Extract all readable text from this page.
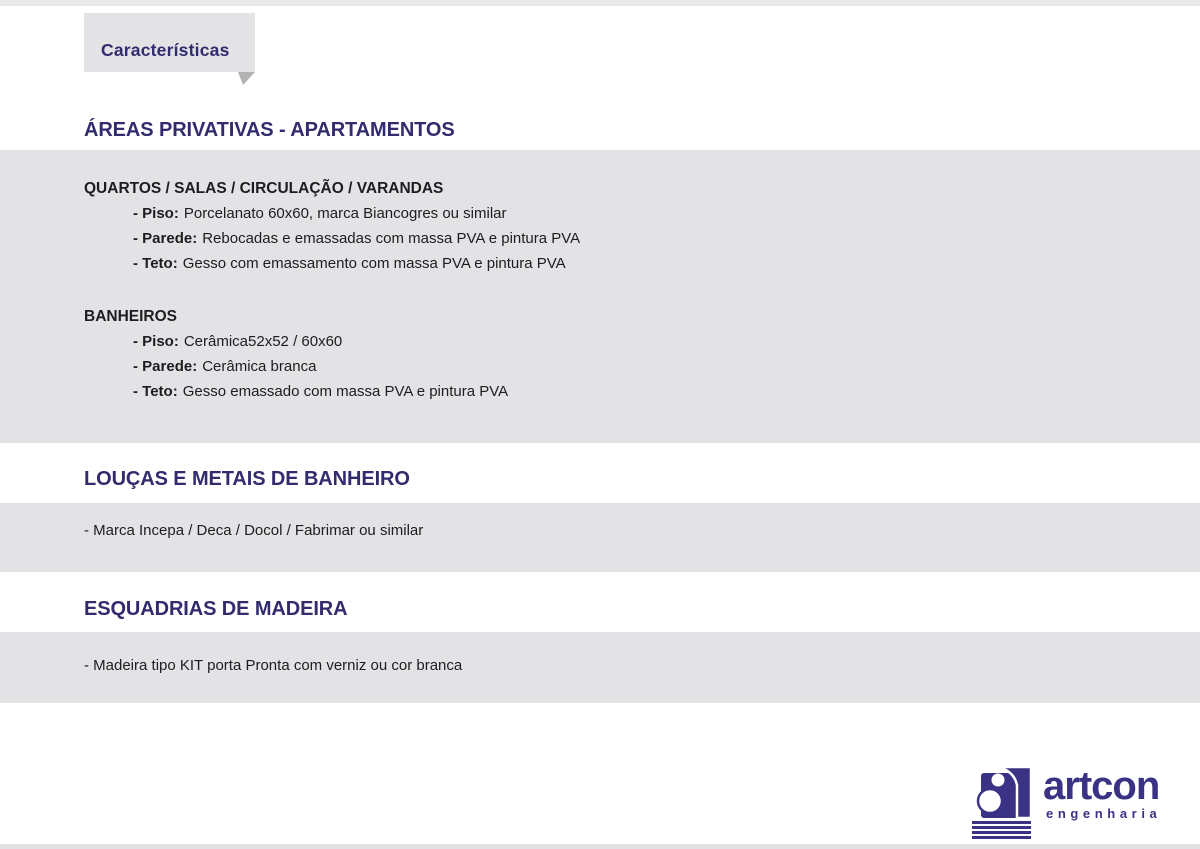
Características
ÁREAS PRIVATIVAS - APARTAMENTOS
QUARTOS / SALAS / CIRCULAÇÃO / VARANDAS
- Piso: Porcelanato 60x60, marca Biancogres ou similar
- Parede: Rebocadas e emassadas com massa PVA e pintura PVA
- Teto: Gesso com emassamento com massa PVA e pintura PVA
BANHEIROS
- Piso: Cerâmica52x52 / 60x60
- Parede: Cerâmica branca
- Teto: Gesso emassado com massa PVA e pintura PVA
LOUÇAS E METAIS DE BANHEIRO
- Marca Incepa / Deca / Docol / Fabrimar ou similar
ESQUADRIAS DE MADEIRA
- Madeira tipo KIT porta Pronta com verniz ou cor branca
artcon
engenharia
